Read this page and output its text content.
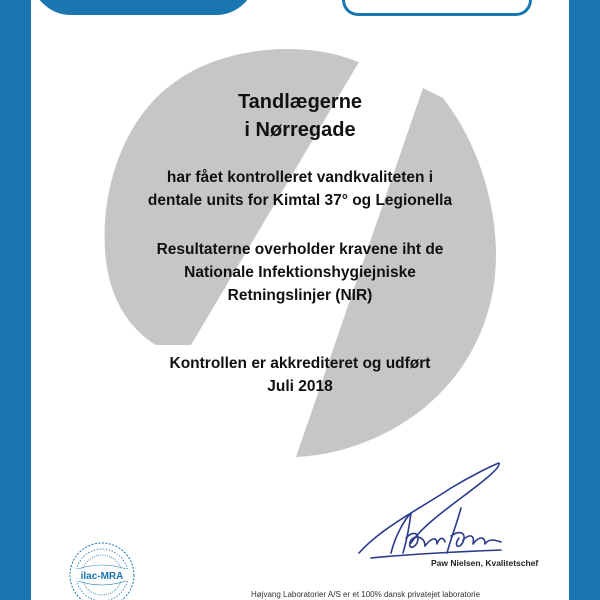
Tandlægerne
i Nørregade
har fået kontrolleret vandkvaliteten i
dentale units for Kimtal 37° og Legionella
Resultaterne overholder kravene iht de
Nationale Infektionshygiejniske
Retningslinjer (NIR)
Kontrollen er akkrediteret og udført
Juli 2018
Paw Nielsen, Kvalitetschef
ilac-MRA
Højvang Laboratorier A/S er et 100% dansk privatejet laboratorie
